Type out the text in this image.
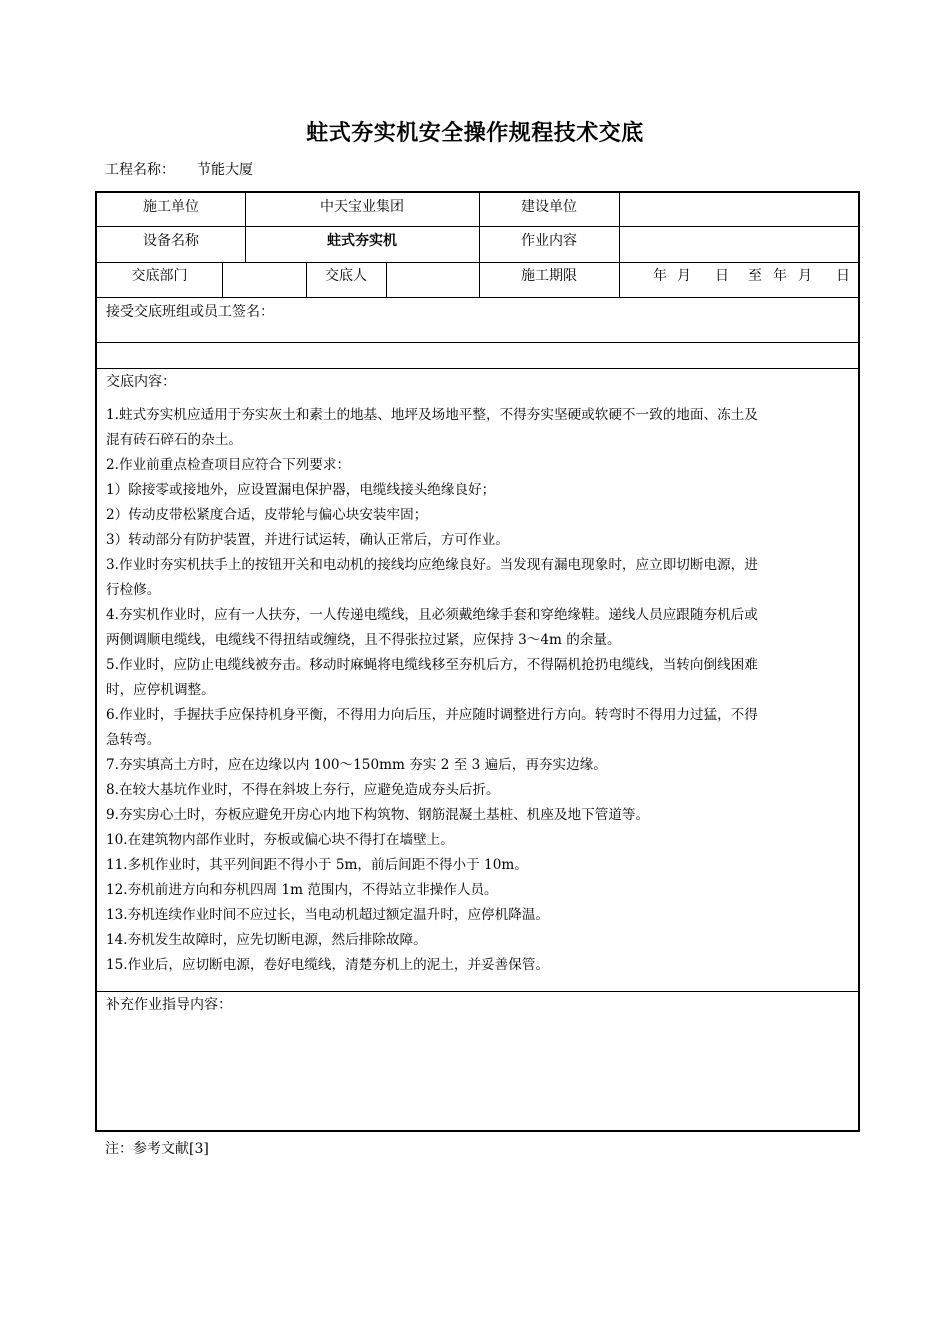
蛀式夯实机安全操作规程技术交底
工程名称： 节能大厦
施工单位	中天宝业集团	建设单位
设备名称	蛀式夯实机	作业内容
交底部门	交底人	施工期限	年 月 日 至 年 月 日
接受交底班组或员工签名：
交底内容：
1.蛀式夯实机应适用于夯实灰土和素土的地基、地坪及场地平整，不得夯实坚硬或软硬不一致的地面、冻土及
混有砖石碎石的杂土。
2.作业前重点检查项目应符合下列要求：
1）除接零或接地外，应设置漏电保护器，电缆线接头绝缘良好；
2）传动皮带松紧度合适，皮带轮与偏心块安装牢固；
3）转动部分有防护装置，并进行试运转，确认正常后，方可作业。
3.作业时夯实机扶手上的按钮开关和电动机的接线均应绝缘良好。当发现有漏电现象时，应立即切断电源，进
行检修。
4.夯实机作业时，应有一人扶夯，一人传递电缆线，且必须戴绝缘手套和穿绝缘鞋。递线人员应跟随夯机后或
两侧调顺电缆线，电缆线不得扭结或缠绕，且不得张拉过紧，应保持 3～4m 的余量。
5.作业时，应防止电缆线被夯击。移动时麻蝇将电缆线移至夯机后方，不得隔机抢扔电缆线，当转向倒线困难
时，应停机调整。
6.作业时，手握扶手应保持机身平衡，不得用力向后压，并应随时调整进行方向。转弯时不得用力过猛，不得
急转弯。
7.夯实填高土方时，应在边缘以内 100～150mm 夯实 2 至 3 遍后，再夯实边缘。
8.在较大基坑作业时，不得在斜坡上夯行，应避免造成夯头后折。
9.夯实房心土时，夯板应避免开房心内地下构筑物、钢筋混凝土基桩、机座及地下管道等。
10.在建筑物内部作业时，夯板或偏心块不得打在墙壁上。
11.多机作业时，其平列间距不得小于 5m，前后间距不得小于 10m。
12.夯机前进方向和夯机四周 1m 范围内，不得站立非操作人员。
13.夯机连续作业时间不应过长，当电动机超过额定温升时，应停机降温。
14.夯机发生故障时，应先切断电源，然后排除故障。
15.作业后，应切断电源，卷好电缆线，清楚夯机上的泥土，并妥善保管。
补充作业指导内容：
注：参考文献[3]
